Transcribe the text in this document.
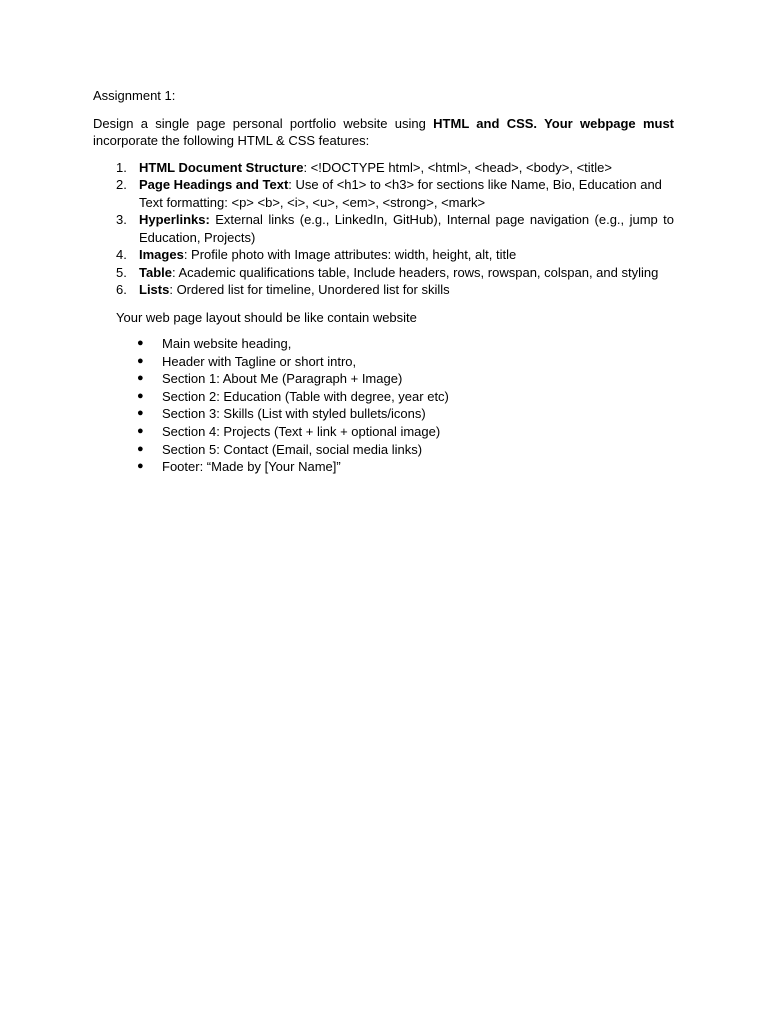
Assignment 1:

Design a single page personal portfolio website using HTML and CSS. Your webpage must incorporate the following HTML & CSS features:

1. HTML Document Structure: <!DOCTYPE html>, <html>, <head>, <body>, <title>
2. Page Headings and Text: Use of <h1> to <h3> for sections like Name, Bio, Education and Text formatting: <p> <b>, <i>, <u>, <em>, <strong>, <mark>
3. Hyperlinks: External links (e.g., LinkedIn, GitHub), Internal page navigation (e.g., jump to Education, Projects)
4. Images: Profile photo with Image attributes: width, height, alt, title
5. Table: Academic qualifications table, Include headers, rows, rowspan, colspan, and styling
6. Lists: Ordered list for timeline, Unordered list for skills

Your web page layout should be like contain website

● Main website heading,
● Header with Tagline or short intro,
● Section 1: About Me (Paragraph + Image)
● Section 2: Education (Table with degree, year etc)
● Section 3: Skills (List with styled bullets/icons)
● Section 4: Projects (Text + link + optional image)
● Section 5: Contact (Email, social media links)
● Footer: “Made by [Your Name]”
